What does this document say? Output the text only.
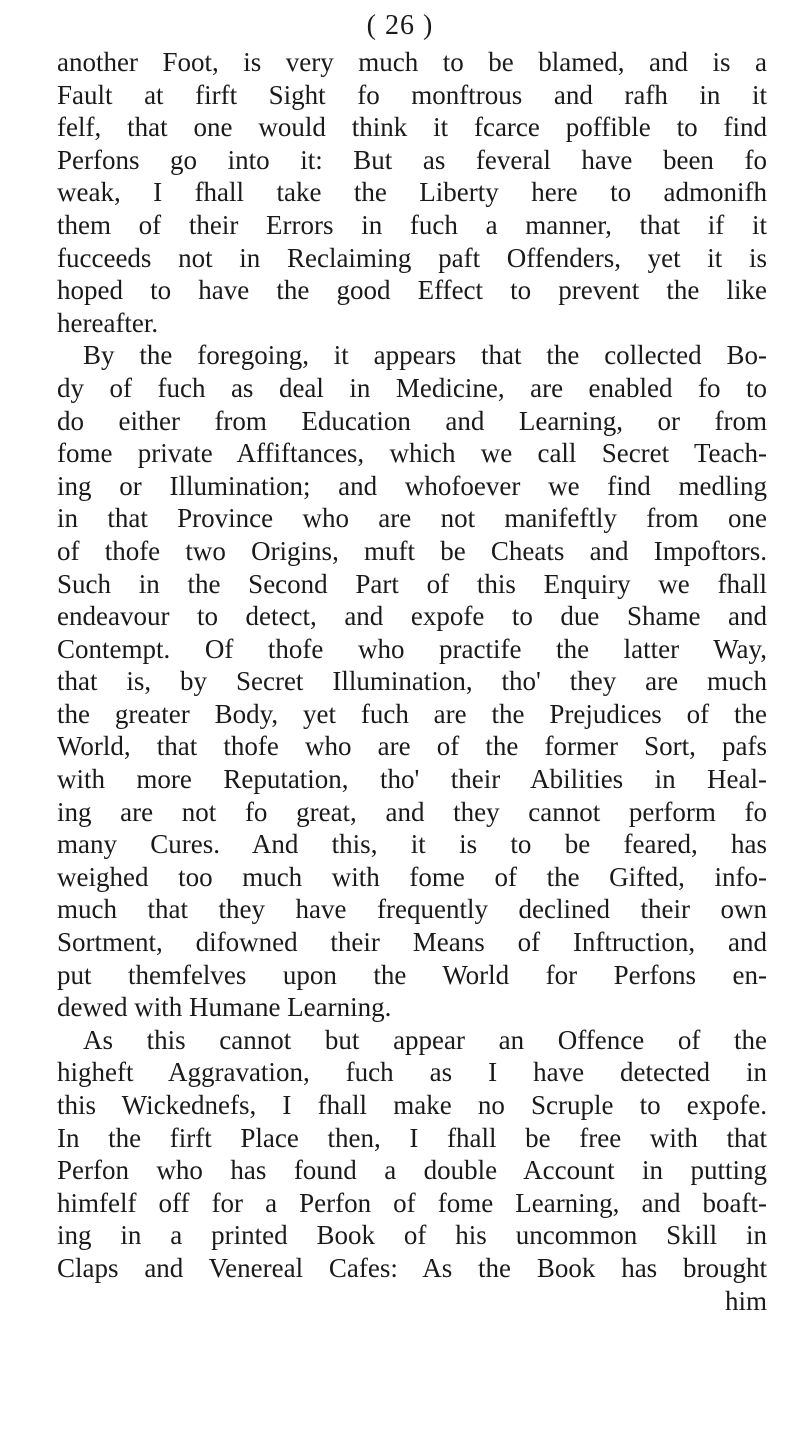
( 26 )
another Foot, is very much to be blamed, and is a
Fault at firft Sight fo monftrous and rafh in it
felf, that one would think it fcarce poffible to find
Perfons go into it: But as feveral have been fo
weak, I fhall take the Liberty here to admonifh
them of their Errors in fuch a manner, that if it
fucceeds not in Reclaiming paft Offenders, yet it is
hoped to have the good Effect to prevent the like
hereafter.
By the foregoing, it appears that the collected Bo-
dy of fuch as deal in Medicine, are enabled fo to
do either from Education and Learning, or from
fome private Affiftances, which we call Secret Teach-
ing or Illumination; and whofoever we find medling
in that Province who are not manifeftly from one
of thofe two Origins, muft be Cheats and Impoftors.
Such in the Second Part of this Enquiry we fhall
endeavour to detect, and expofe to due Shame and
Contempt. Of thofe who practife the latter Way,
that is, by Secret Illumination, tho' they are much
the greater Body, yet fuch are the Prejudices of the
World, that thofe who are of the former Sort, pafs
with more Reputation, tho' their Abilities in Heal-
ing are not fo great, and they cannot perform fo
many Cures. And this, it is to be feared, has
weighed too much with fome of the Gifted, info-
much that they have frequently declined their own
Sortment, difowned their Means of Inftruction, and
put themfelves upon the World for Perfons en-
dewed with Humane Learning.
As this cannot but appear an Offence of the
higheft Aggravation, fuch as I have detected in
this Wickednefs, I fhall make no Scruple to expofe.
In the firft Place then, I fhall be free with that
Perfon who has found a double Account in putting
himfelf off for a Perfon of fome Learning, and boaft-
ing in a printed Book of his uncommon Skill in
Claps and Venereal Cafes: As the Book has brought
him
